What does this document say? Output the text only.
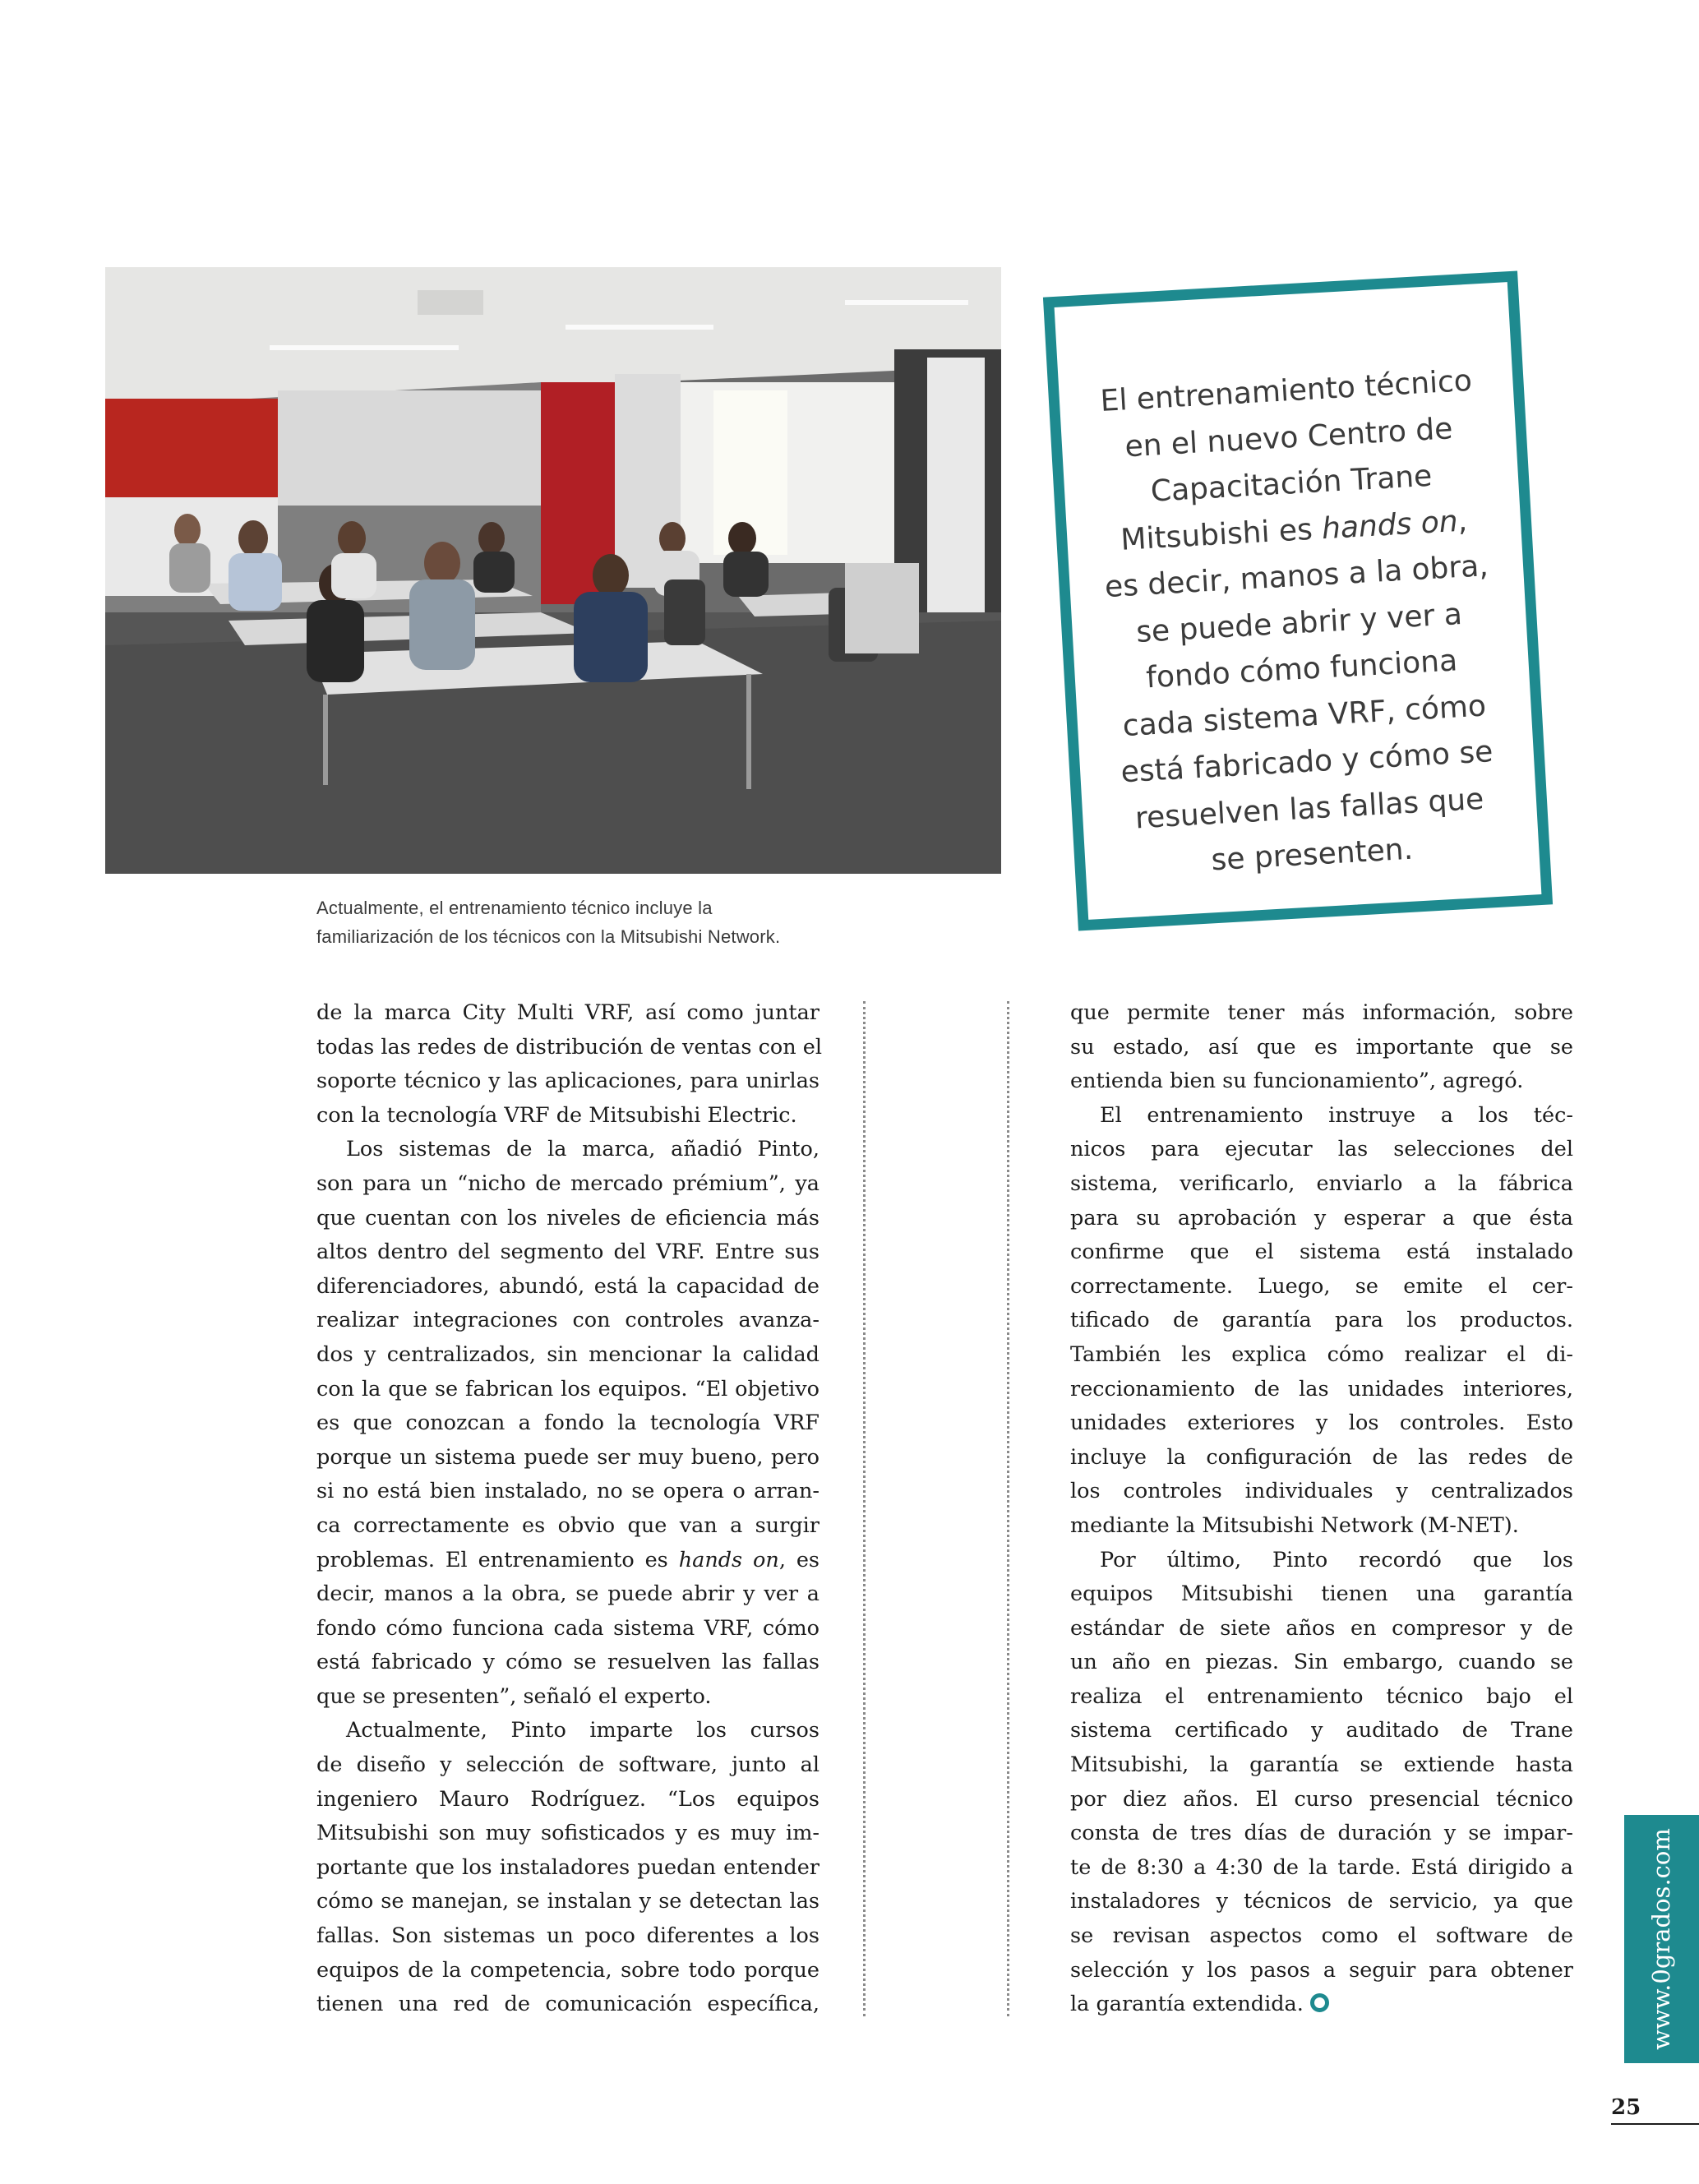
Actualmente, el entrenamiento técnico incluye la
familiarización de los técnicos con la Mitsubishi Network.
El entrenamiento técnico
en el nuevo Centro de
Capacitación Trane
Mitsubishi es hands on,
es decir, manos a la obra,
se puede abrir y ver a
fondo cómo funciona
cada sistema VRF, cómo
está fabricado y cómo se
resuelven las fallas que
se presenten.

de la marca City Multi VRF, así como juntar
todas las redes de distribución de ventas con el
soporte técnico y las aplicaciones, para unirlas
con la tecnología VRF de Mitsubishi Electric.

Los sistemas de la marca, añadió Pinto,
son para un “nicho de mercado prémium”, ya
que cuentan con los niveles de eficiencia más
altos dentro del segmento del VRF. Entre sus
diferenciadores, abundó, está la capacidad de
realizar integraciones con controles avanza-
dos y centralizados, sin mencionar la calidad
con la que se fabrican los equipos. “El objetivo
es que conozcan a fondo la tecnología VRF
porque un sistema puede ser muy bueno, pero
si no está bien instalado, no se opera o arran-
ca correctamente es obvio que van a surgir
problemas. El entrenamiento es hands on, es
decir, manos a la obra, se puede abrir y ver a
fondo cómo funciona cada sistema VRF, cómo
está fabricado y cómo se resuelven las fallas
que se presenten”, señaló el experto.

Actualmente, Pinto imparte los cursos
de diseño y selección de software, junto al
ingeniero Mauro Rodríguez. “Los equipos
Mitsubishi son muy sofisticados y es muy im-
portante que los instaladores puedan entender
cómo se manejan, se instalan y se detectan las
fallas. Son sistemas un poco diferentes a los
equipos de la competencia, sobre todo porque
tienen una red de comunicación específica,

que permite tener más información, sobre
su estado, así que es importante que se
entienda bien su funcionamiento”, agregó.

El entrenamiento instruye a los téc-
nicos para ejecutar las selecciones del
sistema, verificarlo, enviarlo a la fábrica
para su aprobación y esperar a que ésta
confirme que el sistema está instalado
correctamente. Luego, se emite el cer-
tificado de garantía para los productos.
También les explica cómo realizar el di-
reccionamiento de las unidades interiores,
unidades exteriores y los controles. Esto
incluye la configuración de las redes de
los controles individuales y centralizados
mediante la Mitsubishi Network (M-NET).

Por último, Pinto recordó que los
equipos Mitsubishi tienen una garantía
estándar de siete años en compresor y de
un año en piezas. Sin embargo, cuando se
realiza el entrenamiento técnico bajo el
sistema certificado y auditado de Trane
Mitsubishi, la garantía se extiende hasta
por diez años. El curso presencial técnico
consta de tres días de duración y se impar-
te de 8:30 a 4:30 de la tarde. Está dirigido a
instaladores y técnicos de servicio, ya que
se revisan aspectos como el software de
selección y los pasos a seguir para obtener
la garantía extendida.	www.0grados.com
25
